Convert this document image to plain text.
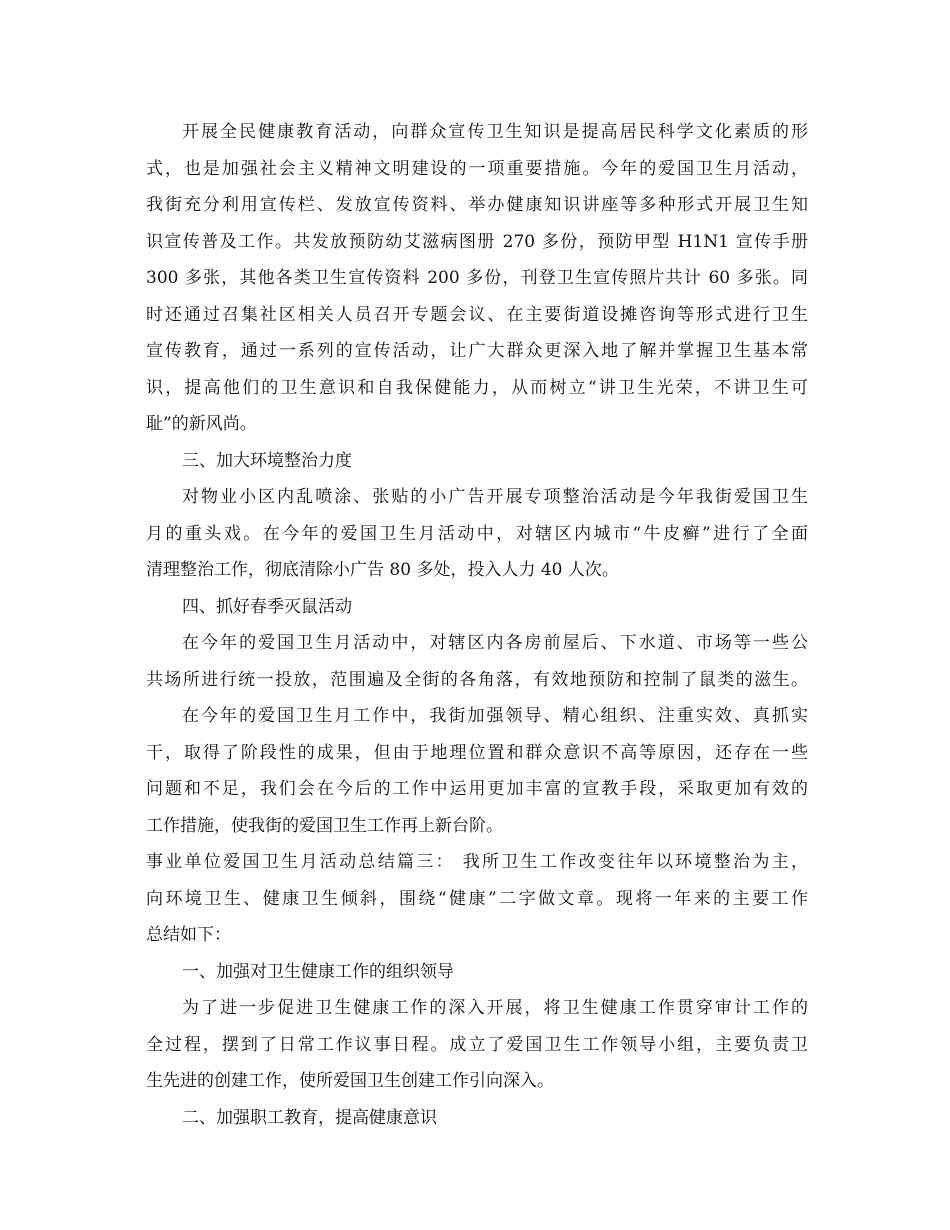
开展全民健康教育活动，向群众宣传卫生知识是提高居民科学文化素质的形
式，也是加强社会主义精神文明建设的一项重要措施。今年的爱国卫生月活动，
我街充分利用宣传栏、发放宣传资料、举办健康知识讲座等多种形式开展卫生知
识宣传普及工作。共发放预防幼艾滋病图册 270 多份，预防甲型 H1N1 宣传手册
300 多张，其他各类卫生宣传资料 200 多份，刊登卫生宣传照片共计 60 多张。同
时还通过召集社区相关人员召开专题会议、在主要街道设摊咨询等形式进行卫生
宣传教育，通过一系列的宣传活动，让广大群众更深入地了解并掌握卫生基本常
识，提高他们的卫生意识和自我保健能力，从而树立“讲卫生光荣，不讲卫生可
耻”的新风尚。
三、加大环境整治力度
对物业小区内乱喷涂、张贴的小广告开展专项整治活动是今年我街爱国卫生
月的重头戏。在今年的爱国卫生月活动中，对辖区内城市“牛皮癣”进行了全面
清理整治工作，彻底清除小广告 80 多处，投入人力 40 人次。
四、抓好春季灭鼠活动
在今年的爱国卫生月活动中，对辖区内各房前屋后、下水道、市场等一些公
共场所进行统一投放，范围遍及全街的各角落，有效地预防和控制了鼠类的滋生。
在今年的爱国卫生月工作中，我街加强领导、精心组织、注重实效、真抓实
干，取得了阶段性的成果，但由于地理位置和群众意识不高等原因，还存在一些
问题和不足，我们会在今后的工作中运用更加丰富的宣教手段，采取更加有效的
工作措施，使我街的爱国卫生工作再上新台阶。
事业单位爱国卫生月活动总结篇三： 我所卫生工作改变往年以环境整治为主，
向环境卫生、健康卫生倾斜，围绕“健康”二字做文章。现将一年来的主要工作
总结如下：
一、加强对卫生健康工作的组织领导
为了进一步促进卫生健康工作的深入开展，将卫生健康工作贯穿审计工作的
全过程，摆到了日常工作议事日程。成立了爱国卫生工作领导小组，主要负责卫
生先进的创建工作，使所爱国卫生创建工作引向深入。
二、加强职工教育，提高健康意识
